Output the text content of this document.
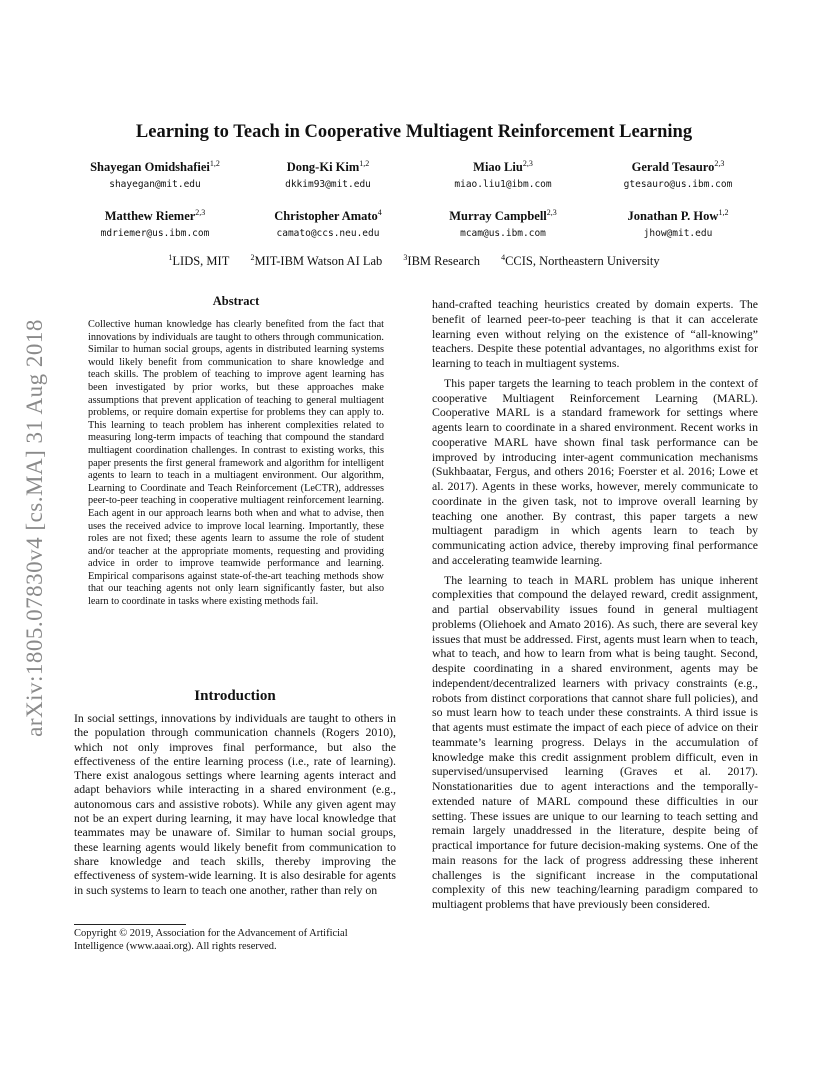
arXiv:1805.07830v4 [cs.MA] 31 Aug 2018
Learning to Teach in Cooperative Multiagent Reinforcement Learning
Shayegan Omidshafiei$^{1,2}$
shayegan@mit.edu
Dong-Ki Kim$^{1,2}$
dkkim93@mit.edu
Miao Liu$^{2,3}$
miao.liu1@ibm.com
Gerald Tesauro$^{2,3}$
gtesauro@us.ibm.com
Matthew Riemer$^{2,3}$
mdriemer@us.ibm.com
Christopher Amato$^4$
camato@ccs.neu.edu
Murray Campbell$^{2,3}$
mcam@us.ibm.com
Jonathan P. How$^{1,2}$
jhow@mit.edu
$^1$LIDS, MIT	$^2$MIT-IBM Watson AI Lab	$^3$IBM Research	$^4$CCIS, Northeastern University
Abstract
Collective human knowledge has clearly benefited from the fact that innovations by individuals are taught to others through communication. Similar to human social groups, agents in distributed learning systems would likely benefit from communication to share knowledge and teach skills. The problem of teaching to improve agent learning has been investigated by prior works, but these approaches make assumptions that prevent application of teaching to general multiagent problems, or require domain expertise for problems they can apply to. This learning to teach problem has inherent complexities related to measuring long-term impacts of teaching that compound the standard multiagent coordination challenges. In contrast to existing works, this paper presents the first general framework and algorithm for intelligent agents to learn to teach in a multiagent environment. Our algorithm, Learning to Coordinate and Teach Reinforcement (LeCTR), addresses peer-to-peer teaching in cooperative multiagent reinforcement learning. Each agent in our approach learns both when and what to advise, then uses the received advice to improve local learning. Importantly, these roles are not fixed; these agents learn to assume the role of student and/or teacher at the appropriate moments, requesting and providing advice in order to improve teamwide performance and learning. Empirical comparisons against state-of-the-art teaching methods show that our teaching agents not only learn significantly faster, but also learn to coordinate in tasks where existing methods fail.
Introduction

In social settings, innovations by individuals are taught to others in the population through communication channels (Rogers 2010), which not only improves final performance, but also the effectiveness of the entire learning process (i.e., rate of learning). There exist analogous settings where learning agents interact and adapt behaviors while interacting in a shared environment (e.g., autonomous cars and assistive robots). While any given agent may not be an expert during learning, it may have local knowledge that teammates may be unaware of. Similar to human social groups, these learning agents would likely benefit from communication to share knowledge and teach skills, thereby improving the effectiveness of system-wide learning. It is also desirable for agents in such systems to learn to teach one another, rather than rely on

Copyright © 2019, Association for the Advancement of Artificial Intelligence (www.aaai.org). All rights reserved.

hand-crafted teaching heuristics created by domain experts. The benefit of learned peer-to-peer teaching is that it can accelerate learning even without relying on the existence of “all-knowing” teachers. Despite these potential advantages, no algorithms exist for learning to teach in multiagent systems.

This paper targets the learning to teach problem in the context of cooperative Multiagent Reinforcement Learning (MARL). Cooperative MARL is a standard framework for settings where agents learn to coordinate in a shared environment. Recent works in cooperative MARL have shown final task performance can be improved by introducing inter-agent communication mechanisms (Sukhbaatar, Fergus, and others 2016; Foerster et al. 2016; Lowe et al. 2017). Agents in these works, however, merely communicate to coordinate in the given task, not to improve overall learning by teaching one another. By contrast, this paper targets a new multiagent paradigm in which agents learn to teach by communicating action advice, thereby improving final performance and accelerating teamwide learning.

The learning to teach in MARL problem has unique inherent complexities that compound the delayed reward, credit assignment, and partial observability issues found in general multiagent problems (Oliehoek and Amato 2016). As such, there are several key issues that must be addressed. First, agents must learn when to teach, what to teach, and how to learn from what is being taught. Second, despite coordinating in a shared environment, agents may be independent/decentralized learners with privacy constraints (e.g., robots from distinct corporations that cannot share full policies), and so must learn how to teach under these constraints. A third issue is that agents must estimate the impact of each piece of advice on their teammate’s learning progress. Delays in the accumulation of knowledge make this credit assignment problem difficult, even in supervised/unsupervised learning (Graves et al. 2017). Nonstationarities due to agent interactions and the temporally-extended nature of MARL compound these difficulties in our setting. These issues are unique to our learning to teach setting and remain largely unaddressed in the literature, despite being of practical importance for future decision-making systems. One of the main reasons for the lack of progress addressing these inherent challenges is the significant increase in the computational complexity of this new teaching/learning paradigm compared to multiagent problems that have previously been considered.
